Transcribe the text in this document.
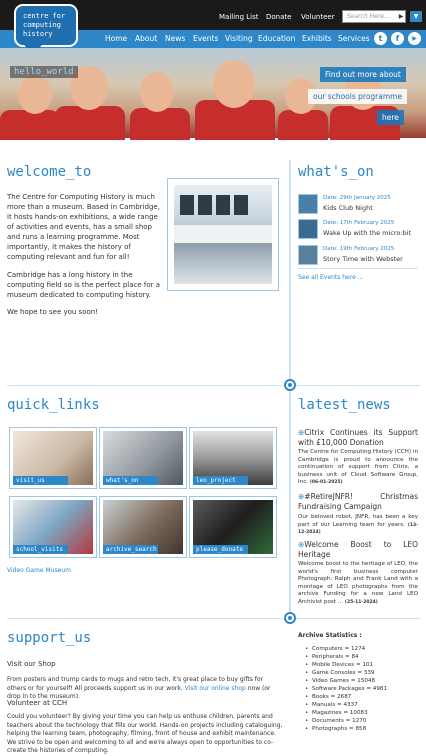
Mailing List Donate Volunteer	Search Here...	▶	▼
Home About News Events Visiting Education Exhibits Services	t	f	▶
centre for
computing
history
hello_world	Find out more about
our schools programme
here
welcome_to
The Centre for Computing History is much more than a museum. Based in Cambridge, it hosts hands-on exhibitions, a wide range of activities and events, has a small shop and runs a learning programme. Most importantly, it makes the history of computing relevant and fun for all!
Cambridge has a long history in the computing field so is the perfect place for a museum dedicated to computing history.
We hope to see you soon!
what's_on
Date: 29th January 2025
Kids Club Night
Date: 17th February 2025
Wake Up with the micro:bit
Date: 19th February 2025
Story Time with Webster
See all Events here ...
quick_links
visit_us	what's_on	leo_project
school_visits	archive_search	please_donate
Video Game Museum
latest_news
⊕Citrix Continues its Support with £10,000 Donation
The Centre for Computing History (CCH) in Cambridge is proud to announce the continuation of support from Citrix, a business unit of Cloud Software Group, Inc. (06-01-2025)
⊕#RetireJNFR! Christmas Fundraising Campaign
Our beloved robot, JNFR, has been a key part of our Learning team for years. (13-12-2024)
⊕Welcome Boost to LEO Heritage
Welcome boost to the heritage of LEO, the world's first business computer Photograph: Ralph and Frank Land with a montage of LEO photographs from the archive Funding for a new Land LEO Archivist post ... (25-11-2024)
support_us
Visit our Shop
From posters and trump cards to mugs and retro tech, it's great place to buy gifts for others or for yourself! All proceeds support us in our work. Visit our online shop now (or drop in to the museum).
Volunteer at CCH
Could you volunteer? By giving your time you can help us enthuse children, parents and teachers about the technology that fills our world. Hands-on projects including cataloguing, helping the learning team, photography, filming, front of house and exhibit maintenance. We strive to be open and welcoming to all and we're always open to opportunities to co-create the histories of computing.
Archive Statistics :
• Computers = 1274
• Peripherals = 84
• Mobile Devices = 101
• Game Consoles = 339
• Video Games = 15048
• Software Packages = 4981
• Books = 2687
• Manuals = 4337
• Magazines = 10083
• Documents = 1270
• Photographs = 858
